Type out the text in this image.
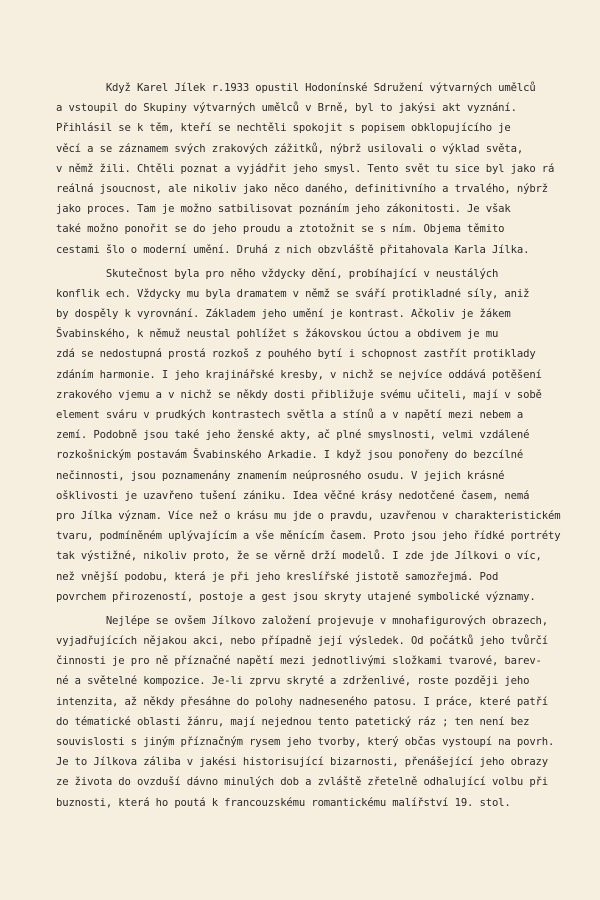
Když Karel Jílek r.1933 opustil Hodonínské Sdružení výtvarných umělců
a vstoupil do Skupiny výtvarných umělců v Brně, byl to jakýsi akt vyznání.
Přihlásil se k těm, kteří se nechtěli spokojit s popisem obklopujícího je
věcí a se záznamem svých zrakových zážitků, nýbrž usilovali o výklad světa,
v němž žili. Chtěli poznat a vyjádřit jeho smysl. Tento svět tu sice byl jako rá
reálná jsoucnost, ale nikoliv jako něco daného, definitivního a trvalého, nýbrž
jako proces. Tam je možno satbilisovat poznáním jeho zákonitosti. Je však
také možno ponořit se do jeho proudu a ztotožnit se s ním. Objema těmito
cestami šlo o moderní umění. Druhá z nich obzvláště přitahovala Karla Jílka.
Skutečnost byla pro něho vždycky dění, probíhající v neustálých
konflik ech. Vždycky mu byla dramatem v němž se sváří protikladné síly, aniž
by dospěly k vyrovnání. Základem jeho umění je kontrast. Ačkoliv je žákem
Švabinského, k němuž neustal pohlížet s žákovskou úctou a obdivem je mu
zdá se nedostupná prostá rozkoš z pouhého bytí i schopnost zastřít protiklady
zdáním harmonie. I jeho krajinářské kresby, v nichž se nejvíce oddává potěšení
zrakového vjemu a v nichž se někdy dosti přibližuje svému učiteli, mají v sobě
element sváru v prudkých kontrastech světla a stínů a v napětí mezi nebem a
zemí. Podobně jsou také jeho ženské akty, ač plné smyslnosti, velmi vzdálené
rozkošnickým postavám Švabinského Arkadie. I když jsou ponořeny do bezcílné
nečinnosti, jsou poznamenány znamením neúprosného osudu. V jejich krásné
ošklivosti je uzavřeno tušení zániku. Idea věčné krásy nedotčené časem, nemá
pro Jílka význam. Více než o krásu mu jde o pravdu, uzavřenou v charakteristickém
tvaru, podmíněném uplývajícím a vše měnícím časem. Proto jsou jeho řídké portréty
tak výstižné, nikoliv proto, že se věrně drží modelů. I zde jde Jílkovi o víc,
než vnější podobu, která je při jeho kreslířské jistotě samozřejmá. Pod
povrchem přirozeností, postoje a gest jsou skryty utajené symbolické významy.
Nejlépe se ovšem Jílkovo založení projevuje v mnohafigurových obrazech,
vyjadřujících nějakou akci, nebo případně její výsledek. Od počátků jeho tvůrčí
činnosti je pro ně příznačné napětí mezi jednotlivými složkami tvarové, barev-
né a světelné kompozice. Je-li zprvu skryté a zdrženlivé, roste později jeho
intenzita, až někdy přesáhne do polohy nadneseného patosu. I práce, které patří
do tématické oblasti žánru, mají nejednou tento patetický ráz ; ten není bez
souvislosti s jiným příznačným rysem jeho tvorby, který občas vystoupí na povrh.
Je to Jílkova záliba v jakési historisující bizarnosti, přenášející jeho obrazy
ze života do ovzduší dávno minulých dob a zvláště zřetelně odhalující volbu při
buznosti, která ho poutá k francouzskému romantickému malířství 19. stol.
